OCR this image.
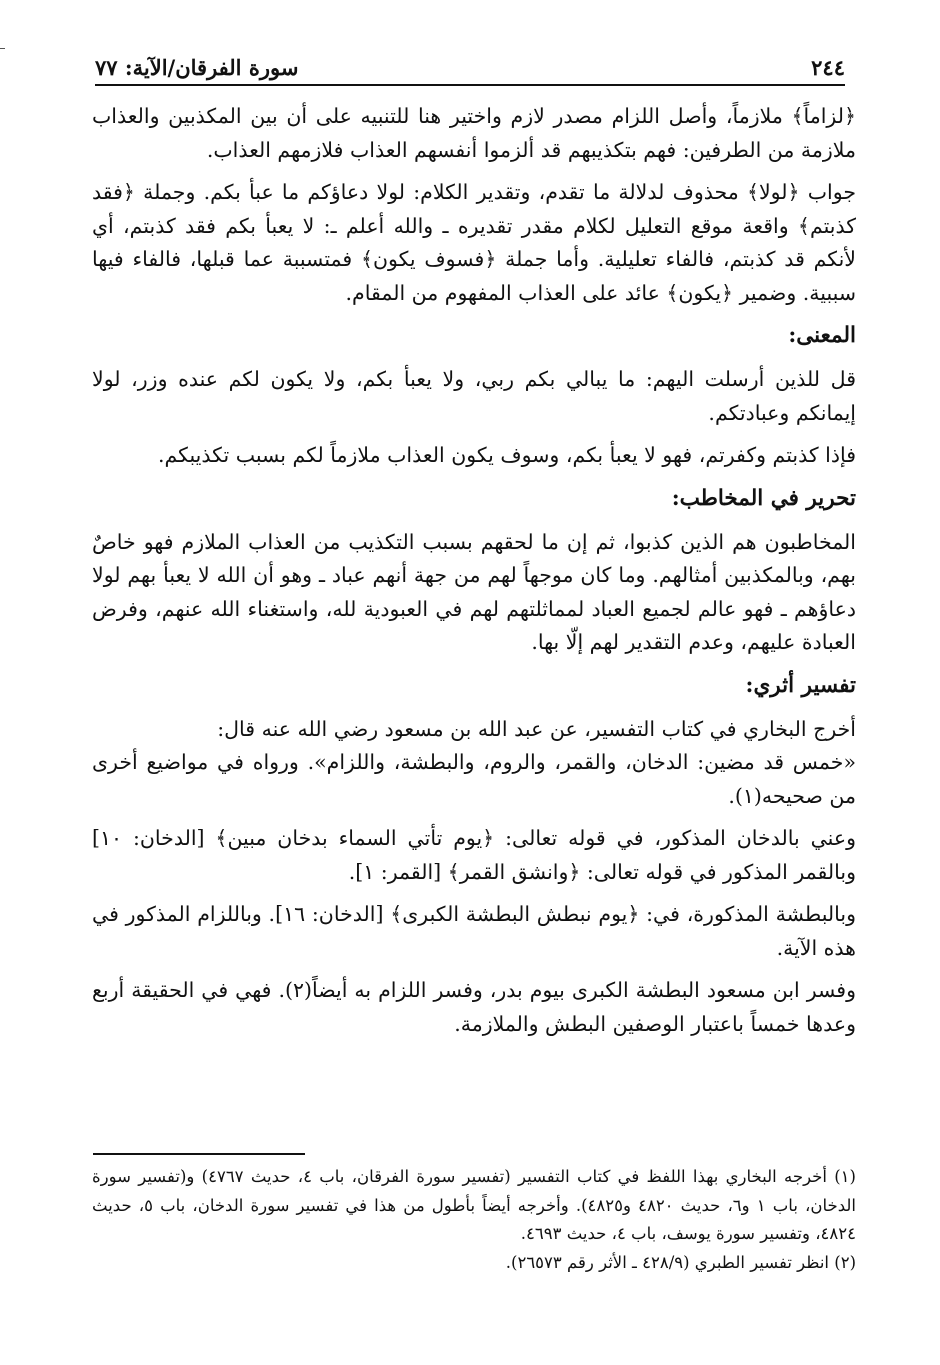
٢٤٤
سورة الفرقان/الآية: ٧٧

﴿لزاماً﴾ ملازماً، وأصل اللزام مصدر لازم واختير هنا للتنبيه على أن بين المكذبين والعذاب ملازمة من الطرفين: فهم بتكذيبهم قد ألزموا أنفسهم العذاب فلازمهم العذاب.

جواب ﴿لولا﴾ محذوف لدلالة ما تقدم، وتقدير الكلام: لولا دعاؤكم ما عبأ بكم. وجملة ﴿فقد كذبتم﴾ واقعة موقع التعليل لكلام مقدر تقديره ـ والله أعلم ـ: لا يعبأ بكم فقد كذبتم، أي لأنكم قد كذبتم، فالفاء تعليلية. وأما جملة ﴿فسوف يكون﴾ فمتسببة عما قبلها، فالفاء فيها سببية. وضمير ﴿يكون﴾ عائد على العذاب المفهوم من المقام.

المعنى:

قل للذين أرسلت اليهم: ما يبالي بكم ربي، ولا يعبأ بكم، ولا يكون لكم عنده وزر، لولا إيمانكم وعبادتكم.

فإذا كذبتم وكفرتم، فهو لا يعبأ بكم، وسوف يكون العذاب ملازماً لكم بسبب تكذيبكم.

تحرير في المخاطب:

المخاطبون هم الذين كذبوا، ثم إن ما لحقهم بسبب التكذيب من العذاب الملازم فهو خاصٌ بهم، وبالمكذبين أمثالهم. وما كان موجهاً لهم من جهة أنهم عباد ـ وهو أن الله لا يعبأ بهم لولا دعاؤهم ـ فهو عالم لجميع العباد لمماثلتهم لهم في العبودية لله، واستغناء الله عنهم، وفرض العبادة عليهم، وعدم التقدير لهم إلّا بها.

تفسير أثري:

أخرج البخاري في كتاب التفسير، عن عبد الله بن مسعود رضي الله عنه قال:

«خمس قد مضين: الدخان، والقمر، والروم، والبطشة، واللزام». ورواه في مواضيع أخرى من صحيحه(١).

وعني بالدخان المذكور، في قوله تعالى: ﴿يوم تأتي السماء بدخان مبين﴾ [الدخان: ١٠] وبالقمر المذكور في قوله تعالى: ﴿وانشق القمر﴾ [القمر: ١].

وبالبطشة المذكورة، في: ﴿يوم نبطش البطشة الكبرى﴾ [الدخان: ١٦]. وباللزام المذكور في هذه الآية.

وفسر ابن مسعود البطشة الكبرى بيوم بدر، وفسر اللزام به أيضاً(٢). فهي في الحقيقة أربع وعدها خمساً باعتبار الوصفين البطش والملازمة.

(١) أخرجه البخاري بهذا اللفظ في كتاب التفسير (تفسير سورة الفرقان، باب ٤، حديث ٤٧٦٧) و(تفسير سورة الدخان، باب ١ و٦، حديث ٤٨٢٠ و٤٨٢٥). وأخرجه أيضاً بأطول من هذا في تفسير سورة الدخان، باب ٥، حديث ٤٨٢٤، وتفسير سورة يوسف، باب ٤، حديث ٤٦٩٣.

(٢) انظر تفسير الطبري (٤٢٨/٩ ـ الأثر رقم ٢٦٥٧٣).
